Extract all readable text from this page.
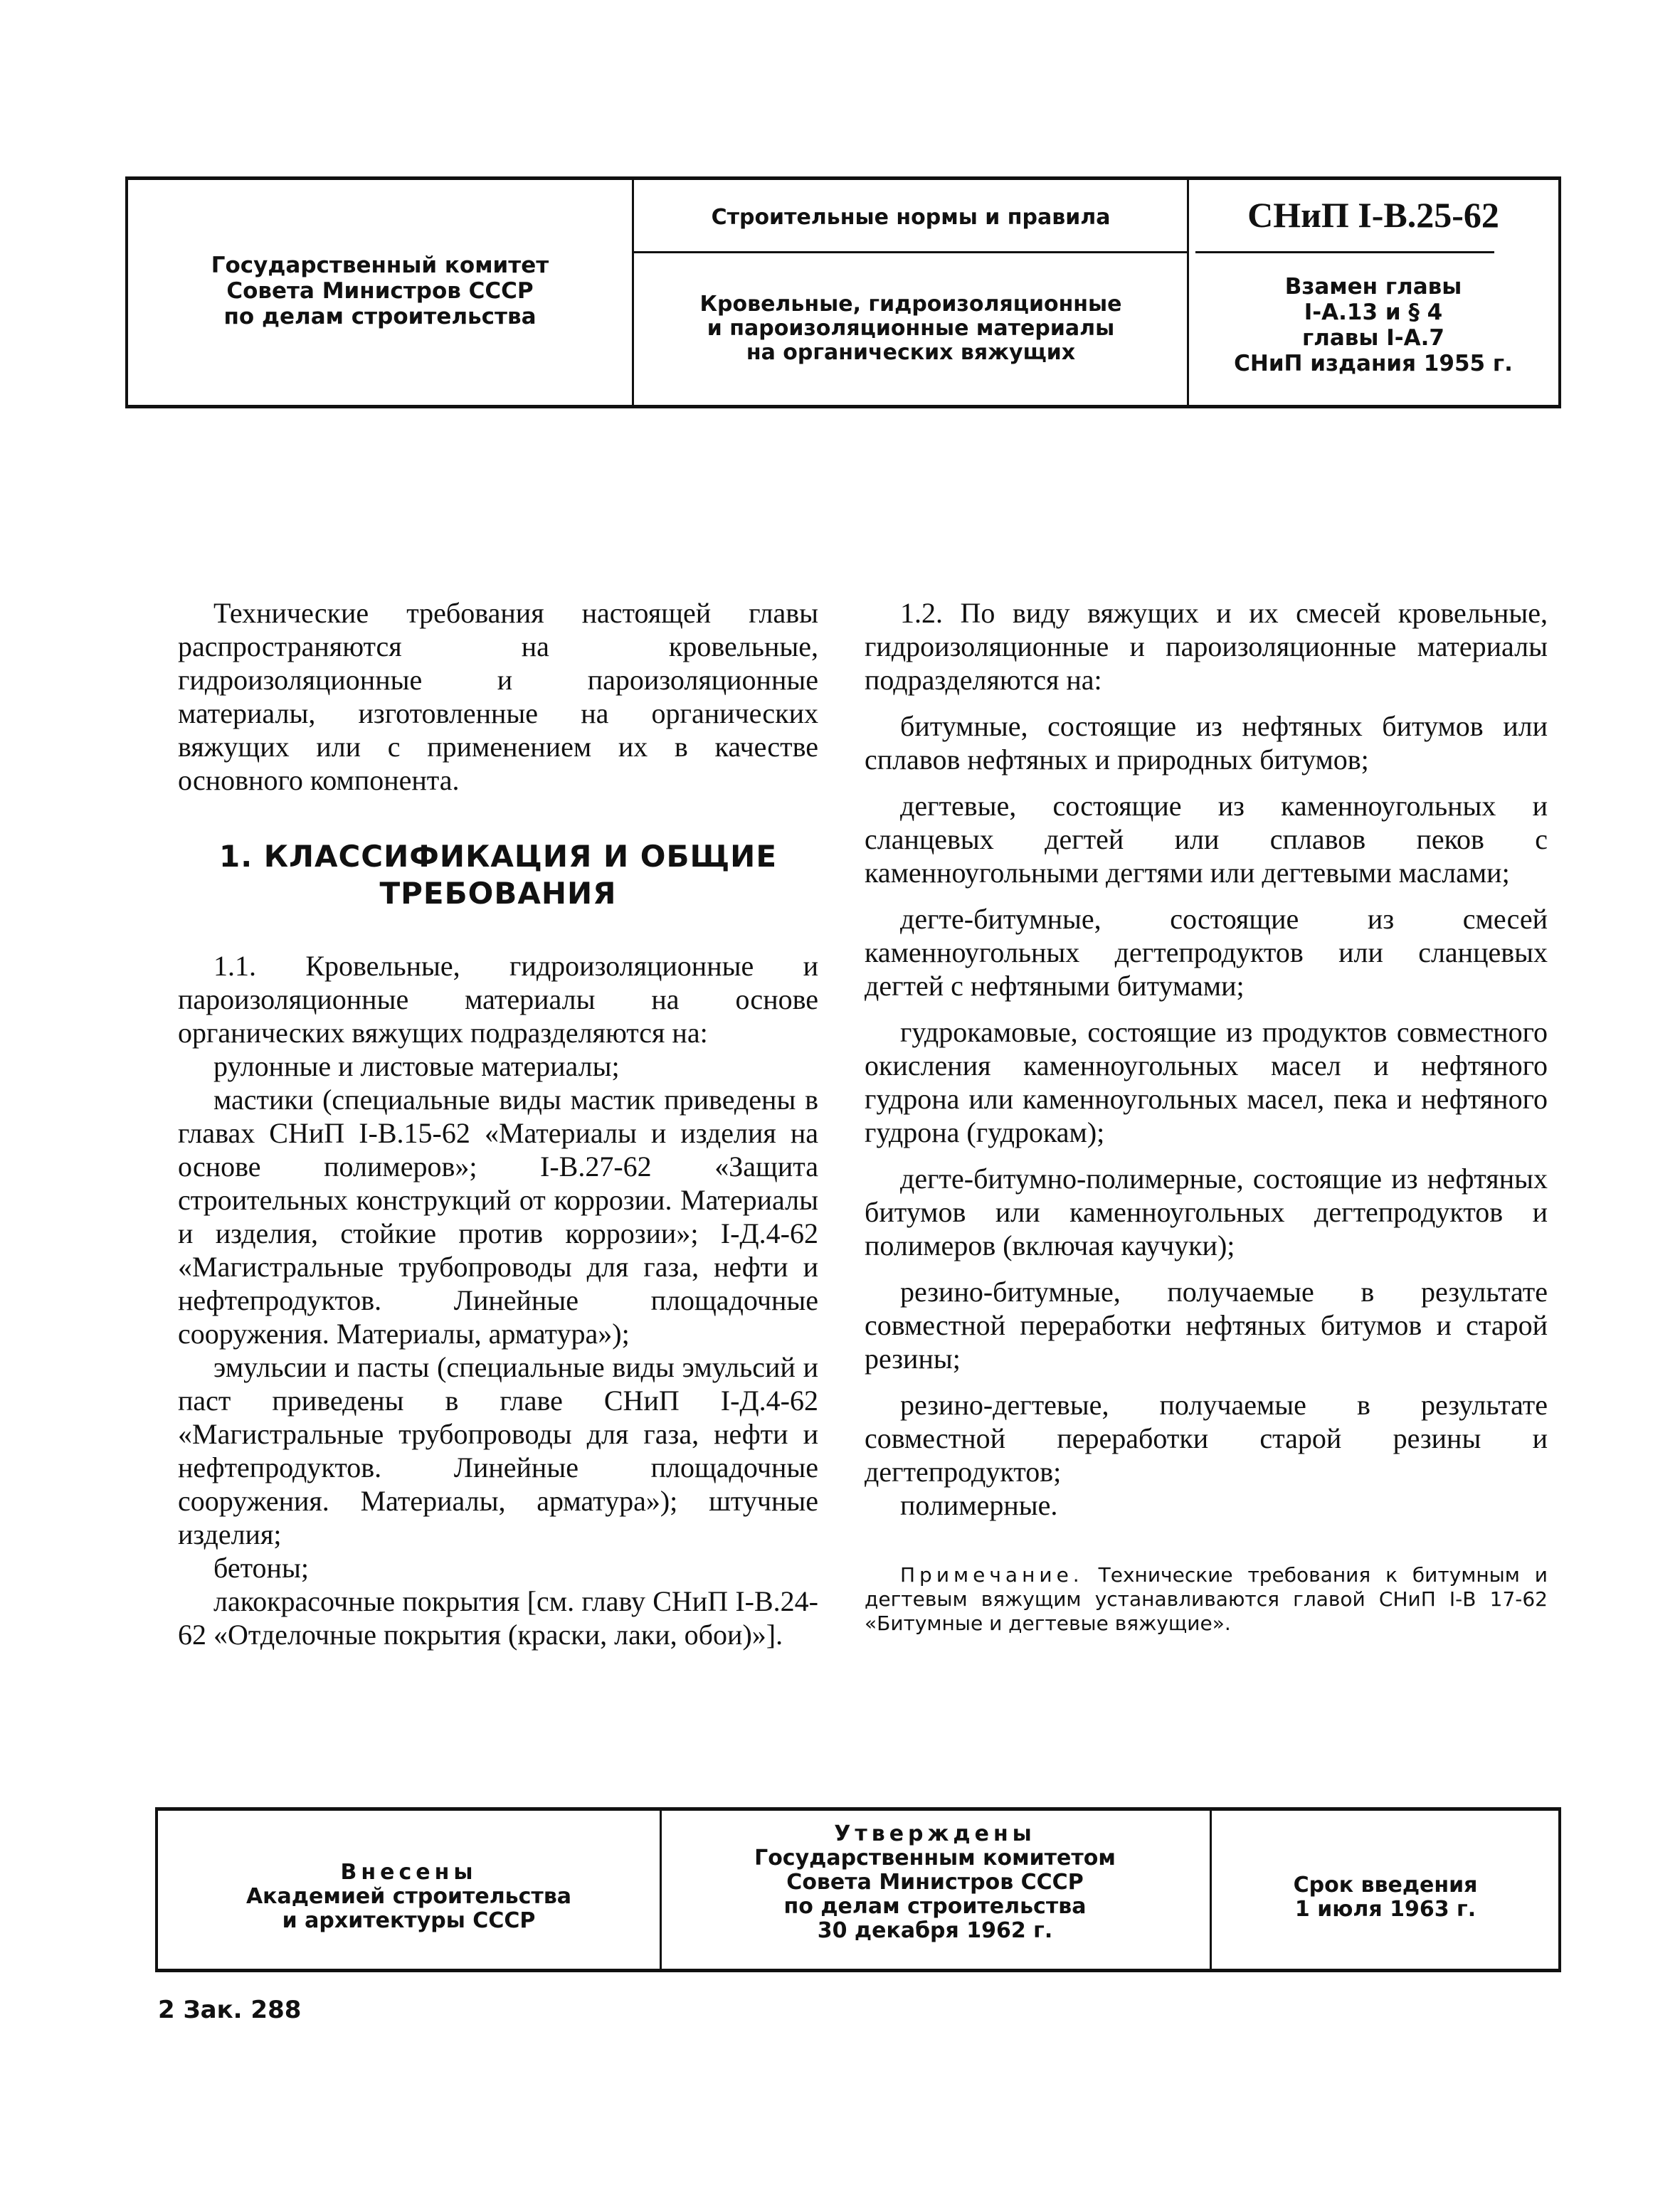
Государственный комитет
Совета Министров СССР
по делам строительства
Строительные нормы и правила
Кровельные, гидроизоляционные
и пароизоляционные материалы
на органических вяжущих
СНиП I-В.25-62
Взамен главы
I-А.13 и § 4
главы I-А.7
СНиП издания 1955 г.

Технические требования настоящей главы распространяются на кровельные, гидроизоляционные и пароизоляционные материалы, изготовленные на органических вяжущих или с применением их в качестве основного компонента.

1. КЛАССИФИКАЦИЯ И ОБЩИЕ ТРЕБОВАНИЯ

1.1. Кровельные, гидроизоляционные и пароизоляционные материалы на основе органических вяжущих подразделяются на:

рулонные и листовые материалы;

мастики (специальные виды мастик приведены в главах СНиП I-В.15-62 «Материалы и изделия на основе полимеров»; I-В.27-62 «Защита строительных конструкций от коррозии. Материалы и изделия, стойкие против коррозии»; I-Д.4-62 «Магистральные трубопроводы для газа, нефти и нефтепродуктов. Линейные площадочные сооружения. Материалы, арматура»);

эмульсии и пасты (специальные виды эмульсий и паст приведены в главе СНиП I-Д.4-62 «Магистральные трубопроводы для газа, нефти и нефтепродуктов. Линейные площадочные сооружения. Материалы, арматура»); штучные изделия;

бетоны;

лакокрасочные покрытия [см. главу СНиП I-В.24-62 «Отделочные покрытия (краски, лаки, обои)»].

1.2. По виду вяжущих и их смесей кровельные, гидроизоляционные и пароизоляционные материалы подразделяются на:

битумные, состоящие из нефтяных битумов или сплавов нефтяных и природных битумов;

дегтевые, состоящие из каменноугольных и сланцевых дегтей или сплавов пеков с каменноугольными дегтями или дегтевыми маслами;

дегте-битумные, состоящие из смесей каменноугольных дегтепродуктов или сланцевых дегтей с нефтяными битумами;

гудрокамовые, состоящие из продуктов совместного окисления каменноугольных масел и нефтяного гудрона или каменноугольных масел, пека и нефтяного гудрона (гудрокам);

дегте-битумно-полимерные, состоящие из нефтяных битумов или каменноугольных дегтепродуктов и полимеров (включая каучуки);

резино-битумные, получаемые в результате совместной переработки нефтяных битумов и старой резины;

резино-дегтевые, получаемые в результате совместной переработки старой резины и дегтепродуктов;

полимерные.

Примечание. Технические требования к битумным и дегтевым вяжущим устанавливаются главой СНиП I-В 17-62 «Битумные и дегтевые вяжущие».

Внесены
Академией строительства
и архитектуры СССР
Утверждены
Государственным комитетом
Совета Министров СССР
по делам строительства
30 декабря 1962 г.
Срок введения
1 июля 1963 г.
2 Зак. 288
